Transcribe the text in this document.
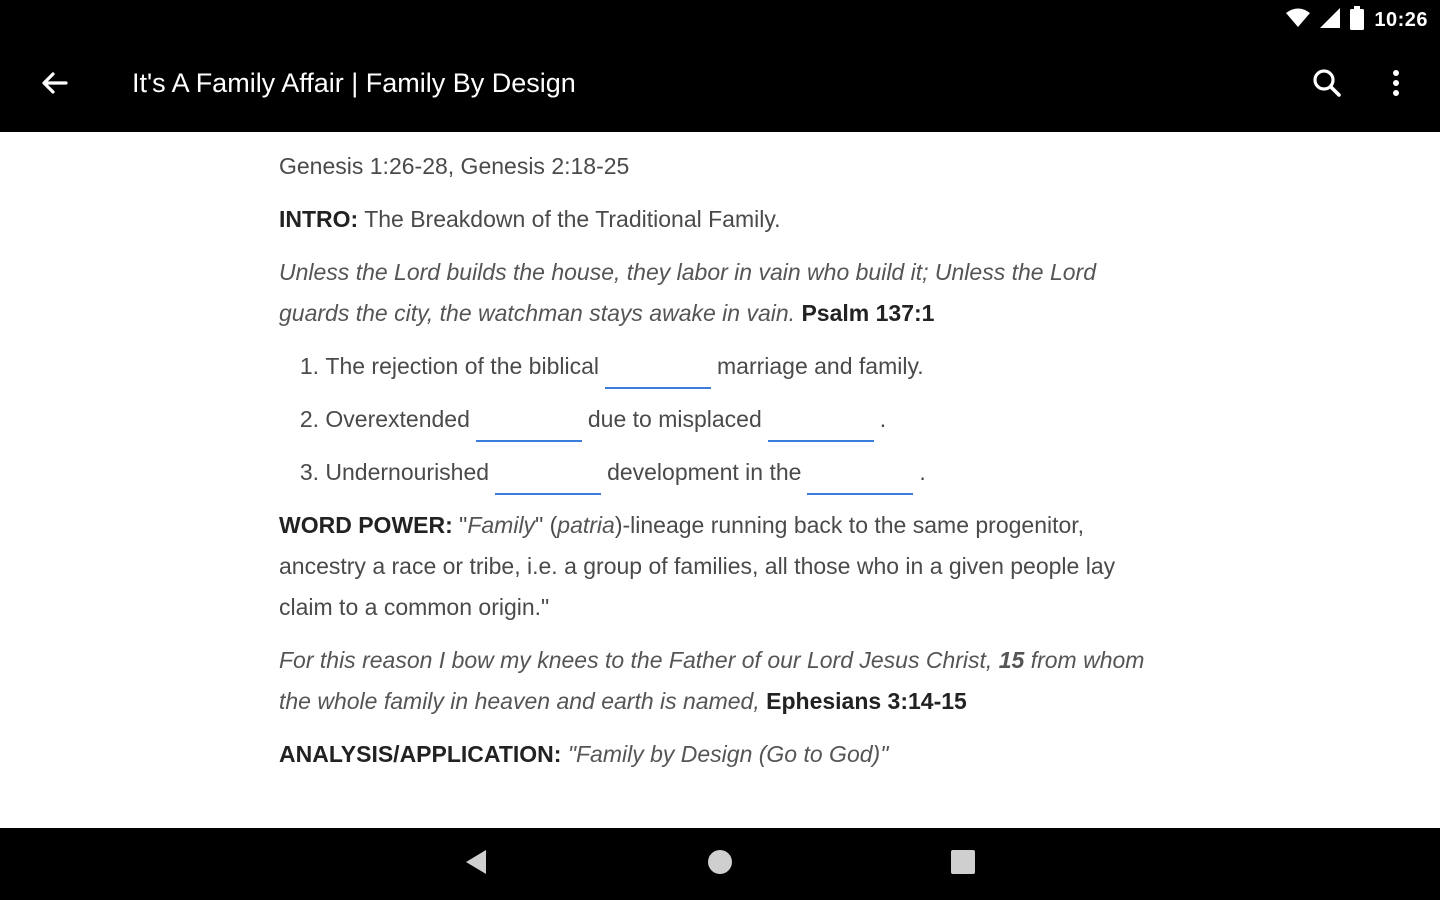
10:26
It's A Family Affair | Family By Design

Genesis 1:26-28, Genesis 2:18-25

INTRO: The Breakdown of the Traditional Family.

Unless the Lord builds the house, they labor in vain who build it; Unless the Lord guards the city, the watchman stays awake in vain. Psalm 137:1

1.
The rejection of the biblical	marriage and family.
2.
Overextended	due to misplaced	.
3.
Undernourished	development in the	.

WORD POWER: "Family" (patria)-lineage running back to the same progenitor, ancestry a race or tribe, i.e. a group of families, all those who in a given people lay claim to a common origin."

For this reason I bow my knees to the Father of our Lord Jesus Christ, 15 from whom the whole family in heaven and earth is named, Ephesians 3:14-15

ANALYSIS/APPLICATION: "Family by Design (Go to God)"
